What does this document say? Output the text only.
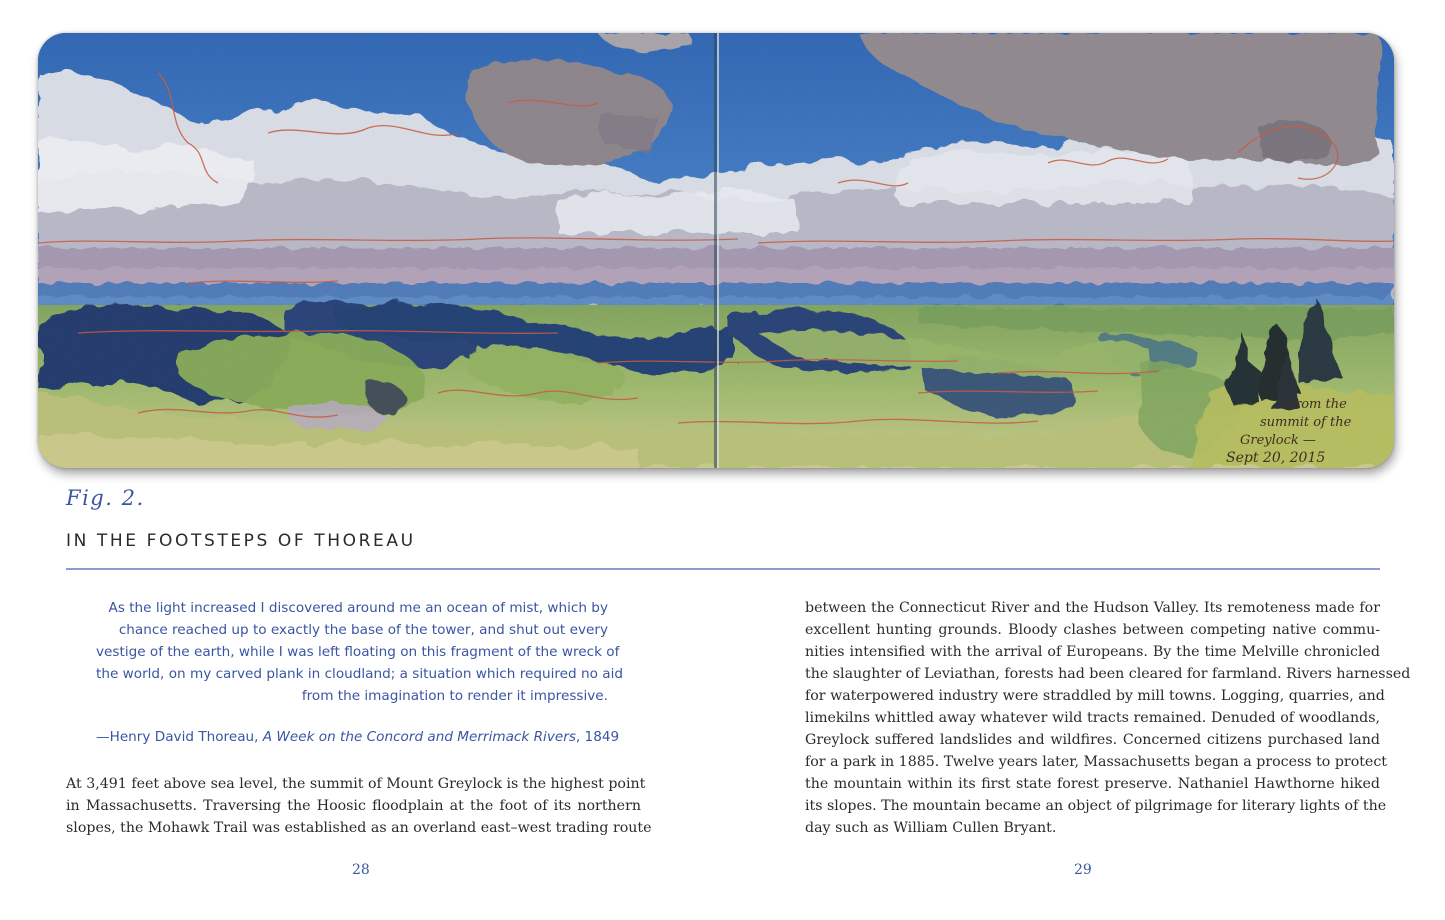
Fig. 2.
IN THE FOOTSTEPS OF THOREAU
As the light increased I discovered around me an ocean of mist, which by
chance reached up to exactly the base of the tower, and shut out every
vestige of the earth, while I was left floating on this fragment of the wreck of
the world, on my carved plank in cloudland; a situation which required no aid
from the imagination to render it impressive.
—Henry David Thoreau, A Week on the Concord and Merrimack Rivers, 1849
At 3,491 feet above sea level, the summit of Mount Greylock is the highest point
in Massachusetts. Traversing the Hoosic floodplain at the foot of its northern
slopes, the Mohawk Trail was established as an overland east–west trading route
between the Connecticut River and the Hudson Valley. Its remoteness made for
excellent hunting grounds. Bloody clashes between competing native commu-
nities intensified with the arrival of Europeans. By the time Melville chronicled
the slaughter of Leviathan, forests had been cleared for farmland. Rivers harnessed
for waterpowered industry were straddled by mill towns. Logging, quarries, and
limekilns whittled away whatever wild tracts remained. Denuded of woodlands,
Greylock suffered landslides and wildfires. Concerned citizens purchased land
for a park in 1885. Twelve years later, Massachusetts began a process to protect
the mountain within its first state forest preserve. Nathaniel Hawthorne hiked
its slopes. The mountain became an object of pilgrimage for literary lights of the
day such as William Cullen Bryant.
28	29
